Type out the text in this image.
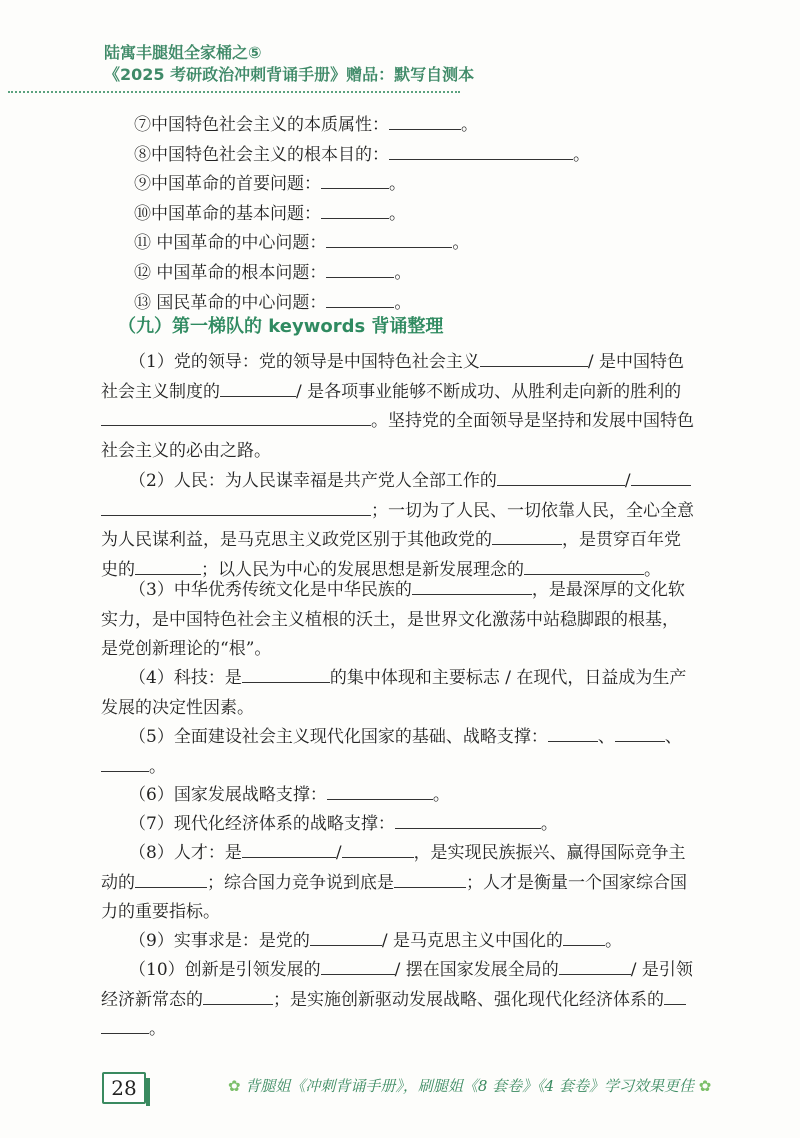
陆寓丰腿姐全家桶之⑤
《2025 考研政治冲刺背诵手册》赠品：默写自测本
⑦中国特色社会主义的本质属性：	。
⑧中国特色社会主义的根本目的：	。
⑨中国革命的首要问题：	。
⑩中国革命的基本问题：	。
⑪ 中国革命的中心问题：	。
⑫ 中国革命的根本问题：	。
⑬ 国民革命的中心问题：	。
（九）第一梯队的 keywords 背诵整理
（1）党的领导：党的领导是中国特色社会主义	/ 是中国特色
社会主义制度的	/ 是各项事业能够不断成功、从胜利走向新的胜利的
。坚持党的全面领导是坚持和发展中国特色
社会主义的必由之路。
（2）人民：为人民谋幸福是共产党人全部工作的	/
；一切为了人民、一切依靠人民，全心全意
为人民谋利益，是马克思主义政党区别于其他政党的	，是贯穿百年党
史的	；以人民为中心的发展思想是新发展理念的	。
（3）中华优秀传统文化是中华民族的	，是最深厚的文化软
实力，是中国特色社会主义植根的沃土，是世界文化激荡中站稳脚跟的根基，
是党创新理论的“根”。
（4）科技：是	的集中体现和主要标志 / 在现代，日益成为生产
发展的决定性因素。
（5）全面建设社会主义现代化国家的基础、战略支撑：	、	、
。
（6）国家发展战略支撑：	。
（7）现代化经济体系的战略支撑：	。
（8）人才：是	/	，是实现民族振兴、赢得国际竞争主
动的	；综合国力竞争说到底是	；人才是衡量一个国家综合国
力的重要指标。
（9）实事求是：是党的	/ 是马克思主义中国化的 。
（10）创新是引领发展的	/ 摆在国家发展全局的	/ 是引领
经济新常态的	；是实施创新驱动发展战略、强化现代化经济体系的
。
28	✿ 背腿姐《冲刺背诵手册》，刷腿姐《8 套卷》《4 套卷》学习效果更佳 ✿
